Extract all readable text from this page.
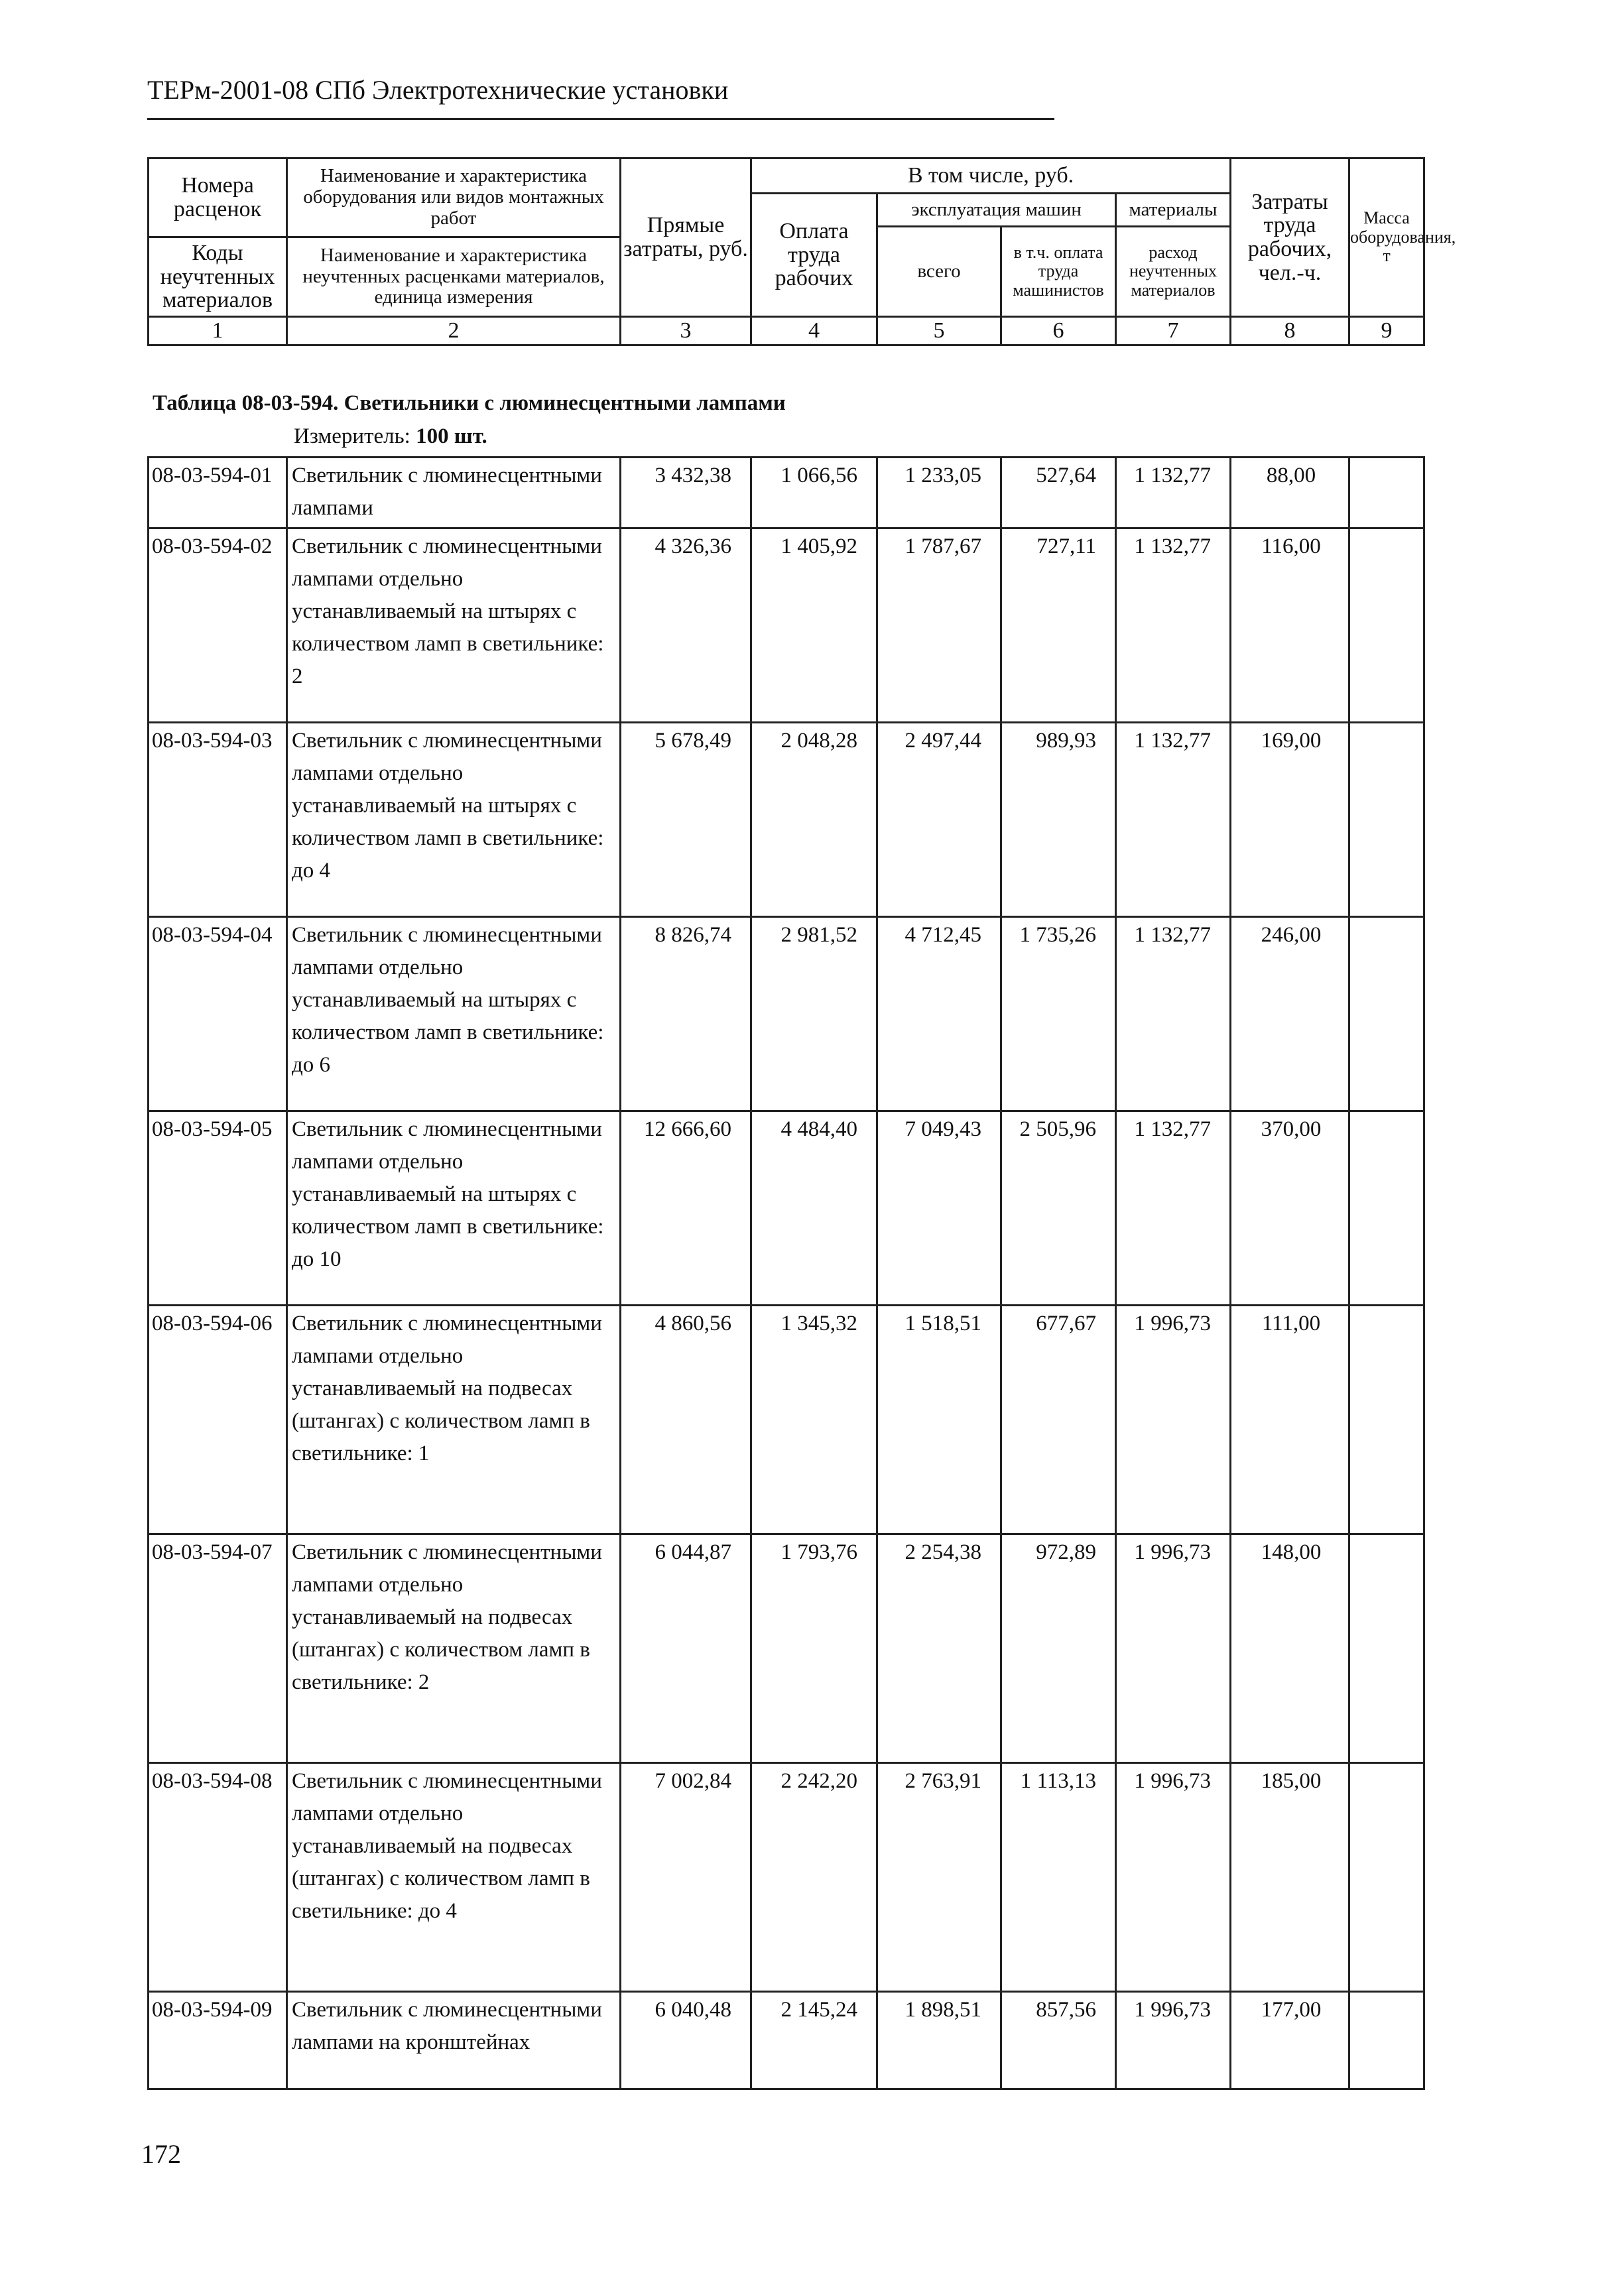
ТЕРм-2001-08 СПб Электротехнические установки
Номера расценок	Наименование и характеристика оборудования или видов монтажных работ	Прямые затраты, руб.	В том числе, руб.				Затраты труда рабочих, чел.-ч.	Масса оборудования, т
			Оплата труда рабочих	эксплуатация машин		материалы		
				всего	в т.ч. оплата труда машинистов	расход неучтенных материалов		
Коды неучтенных материалов	Наименование и характеристика неучтенных расценками материалов, единица измерения							

1	2	3	4	5	6	7	8	9
Таблица 08-03-594. Светильники с люминесцентными лампами
Измеритель: 100 шт.
08-03-594-01	Светильник с люминесцентными лампами	3 432,38	1 066,56	1 233,05	527,64	1 132,77	88,00	
08-03-594-02	Светильник с люминесцентными лампами отдельно устанавливаемый на штырях с количеством ламп в светильнике: 2	4 326,36	1 405,92	1 787,67	727,11	1 132,77	116,00	
08-03-594-03	Светильник с люминесцентными лампами отдельно устанавливаемый на штырях с количеством ламп в светильнике: до 4	5 678,49	2 048,28	2 497,44	989,93	1 132,77	169,00	
08-03-594-04	Светильник с люминесцентными лампами отдельно устанавливаемый на штырях с количеством ламп в светильнике: до 6	8 826,74	2 981,52	4 712,45	1 735,26	1 132,77	246,00	
08-03-594-05	Светильник с люминесцентными лампами отдельно устанавливаемый на штырях с количеством ламп в светильнике: до 10	12 666,60	4 484,40	7 049,43	2 505,96	1 132,77	370,00	
08-03-594-06	Светильник с люминесцентными лампами отдельно устанавливаемый на подвесах (штангах) с количеством ламп в светильнике: 1	4 860,56	1 345,32	1 518,51	677,67	1 996,73	111,00	
08-03-594-07	Светильник с люминесцентными лампами отдельно устанавливаемый на подвесах (штангах) с количеством ламп в светильнике: 2	6 044,87	1 793,76	2 254,38	972,89	1 996,73	148,00	
08-03-594-08	Светильник с люминесцентными лампами отдельно устанавливаемый на подвесах (штангах) с количеством ламп в светильнике: до 4	7 002,84	2 242,20	2 763,91	1 113,13	1 996,73	185,00	
08-03-594-09	Светильник с люминесцентными лампами на кронштейнах	6 040,48	2 145,24	1 898,51	857,56	1 996,73	177,00	
172
